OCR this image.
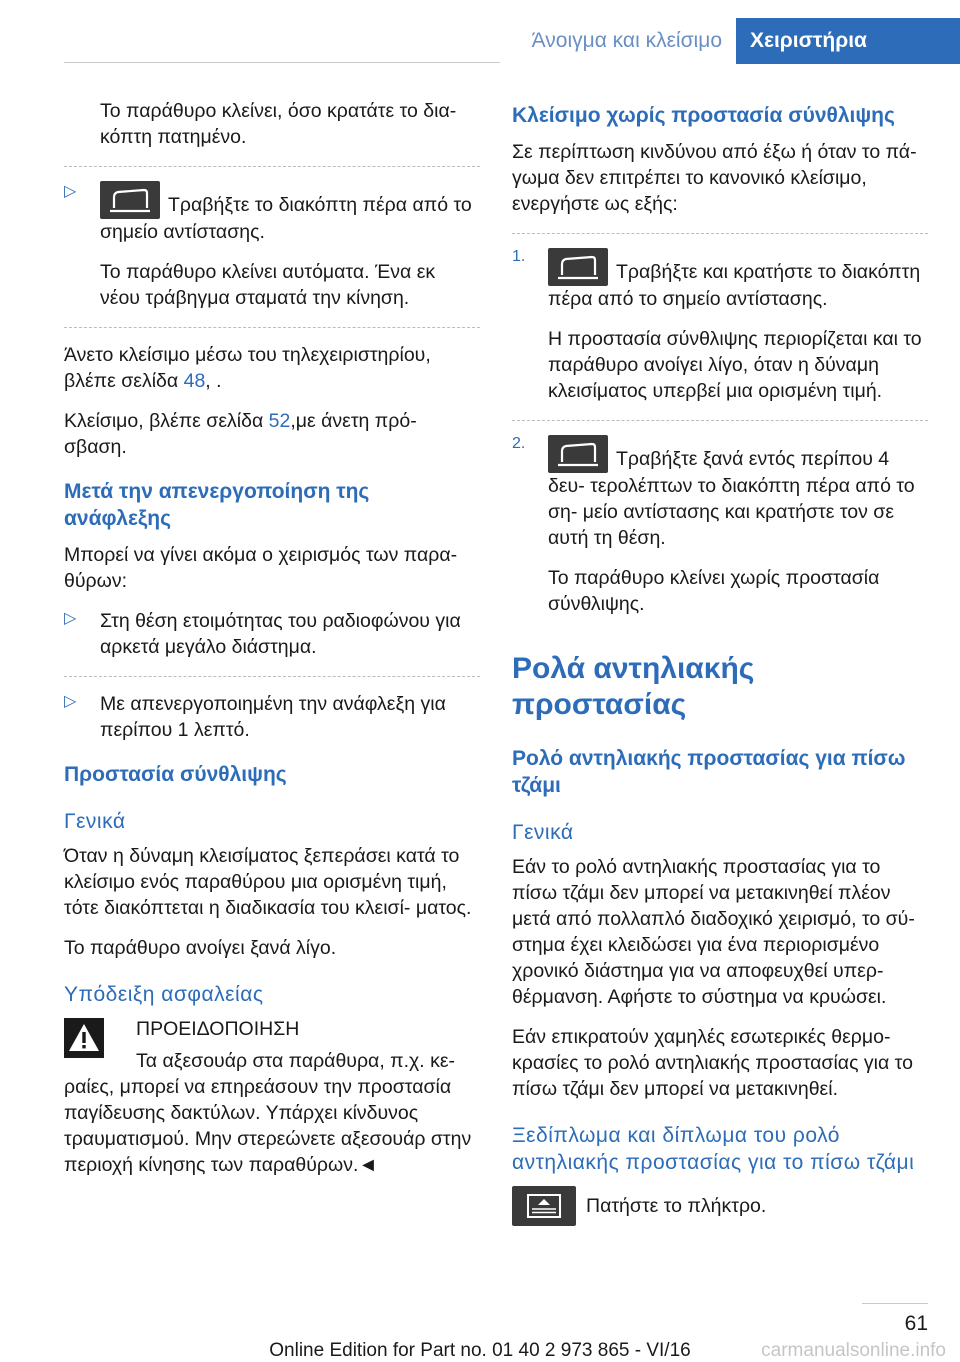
Άνοιγμα και κλείσιμο	Χειριστήρια

Το παράθυρο κλείνει, όσο κρατάτε το δια‐ κόπτη πατημένο.

▷

Τραβήξτε το διακόπτη πέρα από το σημείο αντίστασης.

Το παράθυρο κλείνει αυτόματα. Ένα εκ νέου τράβηγμα σταματά την κίνηση.

Άνετο κλείσιμο μέσω του τηλεχειριστηρίου, βλέπε σελίδα 48, .

Κλείσιμο, βλέπε σελίδα 52,με άνετη πρό‐ σβαση.

Μετά την απενεργοποίηση της ανάφλεξης

Μπορεί να γίνει ακόμα ο χειρισμός των παρα‐ θύρων:

▷ Στη θέση ετοιμότητας του ραδιοφώνου για αρκετά μεγάλο διάστημα.

▷ Με απενεργοποιημένη την ανάφλεξη για περίπου 1 λεπτό.

Προστασία σύνθλιψης
Γενικά

Όταν η δύναμη κλεισίματος ξεπεράσει κατά το κλείσιμο ενός παραθύρου μια ορισμένη τιμή, τότε διακόπτεται η διαδικασία του κλεισί‐ ματος.

Το παράθυρο ανοίγει ξανά λίγο.

Υπόδειξη ασφαλείας

ΠΡΟΕΙΔΟΠΟΙΗΣΗ

Τα αξεσουάρ στα παράθυρα, π.χ. κε‐

ραίες, μπορεί να επηρεάσουν την προστασία παγίδευσης δακτύλων. Υπάρχει κίνδυνος τραυματισμού. Μην στερεώνετε αξεσουάρ στην περιοχή κίνησης των παραθύρων.◄

Κλείσιμο χωρίς προστασία σύνθλιψης

Σε περίπτωση κινδύνου από έξω ή όταν το πά‐ γωμα δεν επιτρέπει το κανονικό κλείσιμο, ενεργήστε ως εξής:

1.

Τραβήξτε και κρατήστε το διακόπτη πέρα από το σημείο αντίστασης.

Η προστασία σύνθλιψης περιορίζεται και το παράθυρο ανοίγει λίγο, όταν η δύναμη κλεισίματος υπερβεί μια ορισμένη τιμή.

2.

Τραβήξτε ξανά εντός περίπου 4 δευ‐ τερολέπτων το διακόπτη πέρα από το ση‐ μείο αντίστασης και κρατήστε τον σε αυτή τη θέση.

Το παράθυρο κλείνει χωρίς προστασία σύνθλιψης.

Ρολά αντηλιακής προστασίας
Ρολό αντηλιακής προστασίας για πίσω τζάμι
Γενικά

Εάν το ρολό αντηλιακής προστασίας για το πίσω τζάμι δεν μπορεί να μετακινηθεί πλέον μετά από πολλαπλό διαδοχικό χειρισμό, το σύ‐ στημα έχει κλειδώσει για ένα περιορισμένο χρονικό διάστημα για να αποφευχθεί υπερ‐ θέρμανση. Αφήστε το σύστημα να κρυώσει.

Εάν επικρατούν χαμηλές εσωτερικές θερμο‐ κρασίες το ρολό αντηλιακής προστασίας για το πίσω τζάμι δεν μπορεί να μετακινηθεί.

Ξεδίπλωμα και δίπλωμα του ρολό αντηλιακής προστασίας για το πίσω τζάμι

Πατήστε το πλήκτρο.

61
Online Edition for Part no. 01 40 2 973 865 - VI/16	carmanualsonline.info
